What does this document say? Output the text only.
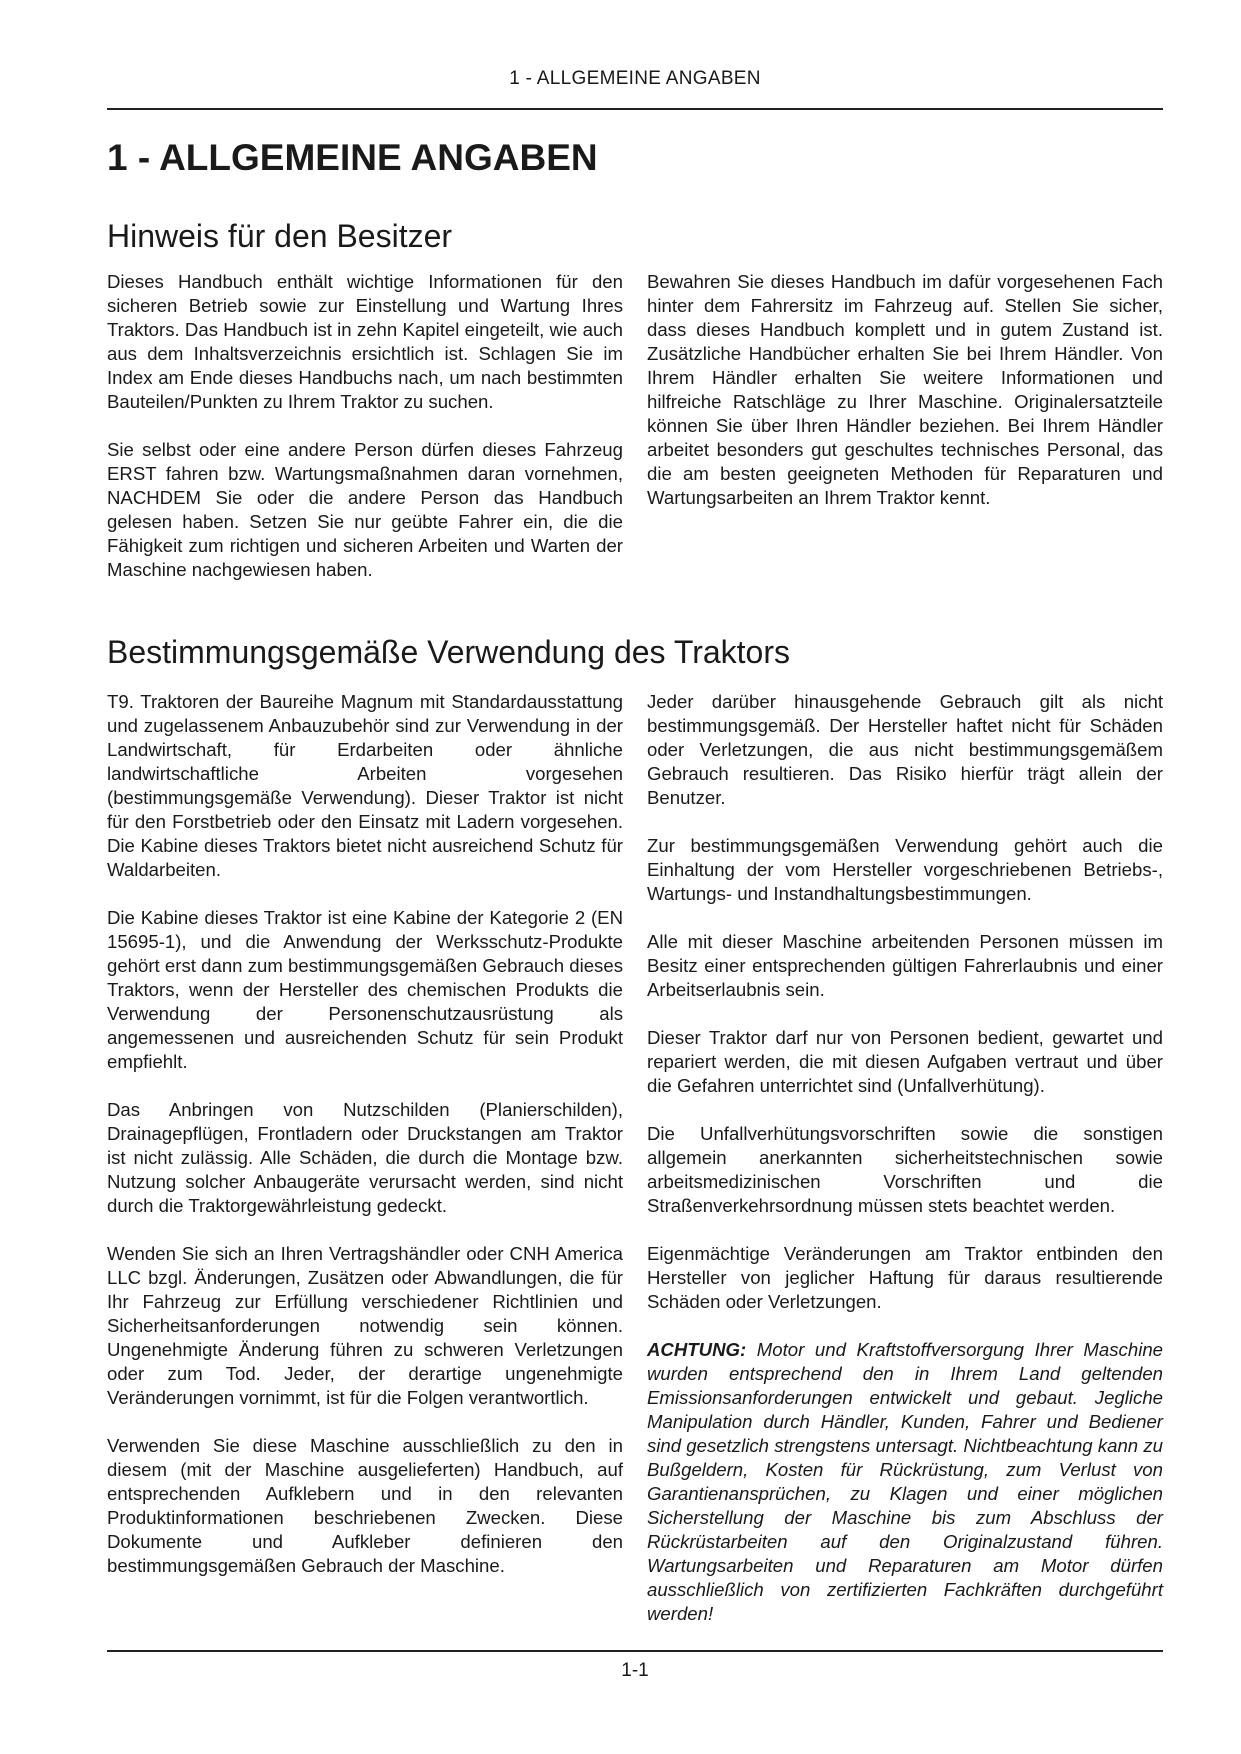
1 - ALLGEMEINE ANGABEN
1 - ALLGEMEINE ANGABEN
Hinweis für den Besitzer

Dieses Handbuch enthält wichtige Informationen für den sicheren Betrieb sowie zur Einstellung und Wartung Ihres Traktors. Das Handbuch ist in zehn Kapitel eingeteilt, wie auch aus dem Inhaltsverzeichnis ersichtlich ist. Schlagen Sie im Index am Ende dieses Handbuchs nach, um nach bestimmten Bauteilen/Punkten zu Ihrem Traktor zu suchen.

Sie selbst oder eine andere Person dürfen dieses Fahrzeug ERST fahren bzw. Wartungsmaßnahmen daran vornehmen, NACHDEM Sie oder die andere Person das Handbuch gelesen haben. Setzen Sie nur geübte Fahrer ein, die die Fähigkeit zum richtigen und sicheren Arbeiten und Warten der Maschine nachgewiesen haben.

Bewahren Sie dieses Handbuch im dafür vorgesehenen Fach hinter dem Fahrersitz im Fahrzeug auf. Stellen Sie sicher, dass dieses Handbuch komplett und in gutem Zustand ist. Zusätzliche Handbücher erhalten Sie bei Ihrem Händler. Von Ihrem Händler erhalten Sie weitere Informationen und hilfreiche Ratschläge zu Ihrer Maschine. Originalersatzteile können Sie über Ihren Händler beziehen. Bei Ihrem Händler arbeitet besonders gut geschultes technisches Personal, das die am besten geeigneten Methoden für Reparaturen und Wartungsarbeiten an Ihrem Traktor kennt.

Bestimmungsgemäße Verwendung des Traktors

T9. Traktoren der Baureihe Magnum mit Standardausstattung und zugelassenem Anbauzubehör sind zur Verwendung in der Landwirtschaft, für Erdarbeiten oder ähnliche landwirtschaftliche Arbeiten vorgesehen (bestimmungsgemäße Verwendung). Dieser Traktor ist nicht für den Forstbetrieb oder den Einsatz mit Ladern vorgesehen. Die Kabine dieses Traktors bietet nicht ausreichend Schutz für Waldarbeiten.

Die Kabine dieses Traktor ist eine Kabine der Kategorie 2 (EN 15695-1), und die Anwendung der Werksschutz-Produkte gehört erst dann zum bestimmungsgemäßen Gebrauch dieses Traktors, wenn der Hersteller des chemischen Produkts die Verwendung der Personenschutzausrüstung als angemessenen und ausreichenden Schutz für sein Produkt empfiehlt.

Das Anbringen von Nutzschilden (Planierschilden), Drainagepflügen, Frontladern oder Druckstangen am Traktor ist nicht zulässig. Alle Schäden, die durch die Montage bzw. Nutzung solcher Anbaugeräte verursacht werden, sind nicht durch die Traktorgewährleistung gedeckt.

Wenden Sie sich an Ihren Vertragshändler oder CNH America LLC bzgl. Änderungen, Zusätzen oder Abwandlungen, die für Ihr Fahrzeug zur Erfüllung verschiedener Richtlinien und Sicherheitsanforderungen notwendig sein können. Ungenehmigte Änderung führen zu schweren Verletzungen oder zum Tod. Jeder, der derartige ungenehmigte Veränderungen vornimmt, ist für die Folgen verantwortlich.

Verwenden Sie diese Maschine ausschließlich zu den in diesem (mit der Maschine ausgelieferten) Handbuch, auf entsprechenden Aufklebern und in den relevanten Produktinformationen beschriebenen Zwecken. Diese Dokumente und Aufkleber definieren den bestimmungsgemäßen Gebrauch der Maschine.

Jeder darüber hinausgehende Gebrauch gilt als nicht bestimmungsgemäß. Der Hersteller haftet nicht für Schäden oder Verletzungen, die aus nicht bestimmungsgemäßem Gebrauch resultieren. Das Risiko hierfür trägt allein der Benutzer.

Zur bestimmungsgemäßen Verwendung gehört auch die Einhaltung der vom Hersteller vorgeschriebenen Betriebs-, Wartungs- und Instandhaltungsbestimmungen.

Alle mit dieser Maschine arbeitenden Personen müssen im Besitz einer entsprechenden gültigen Fahrerlaubnis und einer Arbeitserlaubnis sein.

Dieser Traktor darf nur von Personen bedient, gewartet und repariert werden, die mit diesen Aufgaben vertraut und über die Gefahren unterrichtet sind (Unfallverhütung).

Die Unfallverhütungsvorschriften sowie die sonstigen allgemein anerkannten sicherheitstechnischen sowie arbeitsmedizinischen Vorschriften und die Straßenverkehrsordnung müssen stets beachtet werden.

Eigenmächtige Veränderungen am Traktor entbinden den Hersteller von jeglicher Haftung für daraus resultierende Schäden oder Verletzungen.

ACHTUNG: Motor und Kraftstoffversorgung Ihrer Maschine wurden entsprechend den in Ihrem Land geltenden Emissionsanforderungen entwickelt und gebaut. Jegliche Manipulation durch Händler, Kunden, Fahrer und Bediener sind gesetzlich strengstens untersagt. Nichtbeachtung kann zu Bußgeldern, Kosten für Rückrüstung, zum Verlust von Garantienansprüchen, zu Klagen und einer möglichen Sicherstellung der Maschine bis zum Abschluss der Rückrüstarbeiten auf den Originalzustand führen. Wartungsarbeiten und Reparaturen am Motor dürfen ausschließlich von zertifizierten Fachkräften durchgeführt werden!

1-1
